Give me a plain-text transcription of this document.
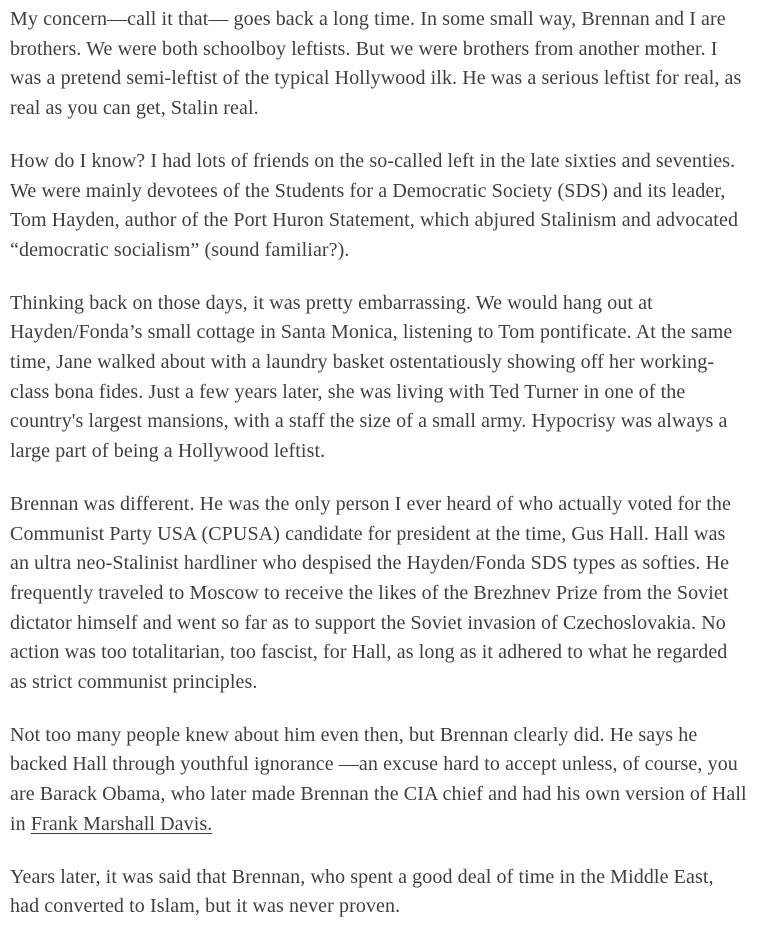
My concern—call it that— goes back a long time. In some small way, Brennan and I are brothers. We were both schoolboy leftists. But we were brothers from another mother. I was a pretend semi-leftist of the typical Hollywood ilk. He was a serious leftist for real, as real as you can get, Stalin real.

How do I know? I had lots of friends on the so-called left in the late sixties and seventies. We were mainly devotees of the Students for a Democratic Society (SDS) and its leader, Tom Hayden, author of the Port Huron Statement, which abjured Stalinism and advocated “democratic socialism” (sound familiar?).

Thinking back on those days, it was pretty embarrassing. We would hang out at Hayden/Fonda’s small cottage in Santa Monica, listening to Tom pontificate. At the same time, Jane walked about with a laundry basket ostentatiously showing off her working-class bona fides. Just a few years later, she was living with Ted Turner in one of the country's largest mansions, with a staff the size of a small army. Hypocrisy was always a large part of being a Hollywood leftist.

Brennan was different. He was the only person I ever heard of who actually voted for the Communist Party USA (CPUSA) candidate for president at the time, Gus Hall. Hall was an ultra neo-Stalinist hardliner who despised the Hayden/Fonda SDS types as softies. He frequently traveled to Moscow to receive the likes of the Brezhnev Prize from the Soviet dictator himself and went so far as to support the Soviet invasion of Czechoslovakia. No action was too totalitarian, too fascist, for Hall, as long as it adhered to what he regarded as strict communist principles.

Not too many people knew about him even then, but Brennan clearly did. He says he backed Hall through youthful ignorance —an excuse hard to accept unless, of course, you are Barack Obama, who later made Brennan the CIA chief and had his own version of Hall in Frank Marshall Davis.

Years later, it was said that Brennan, who spent a good deal of time in the Middle East, had converted to Islam, but it was never proven.
